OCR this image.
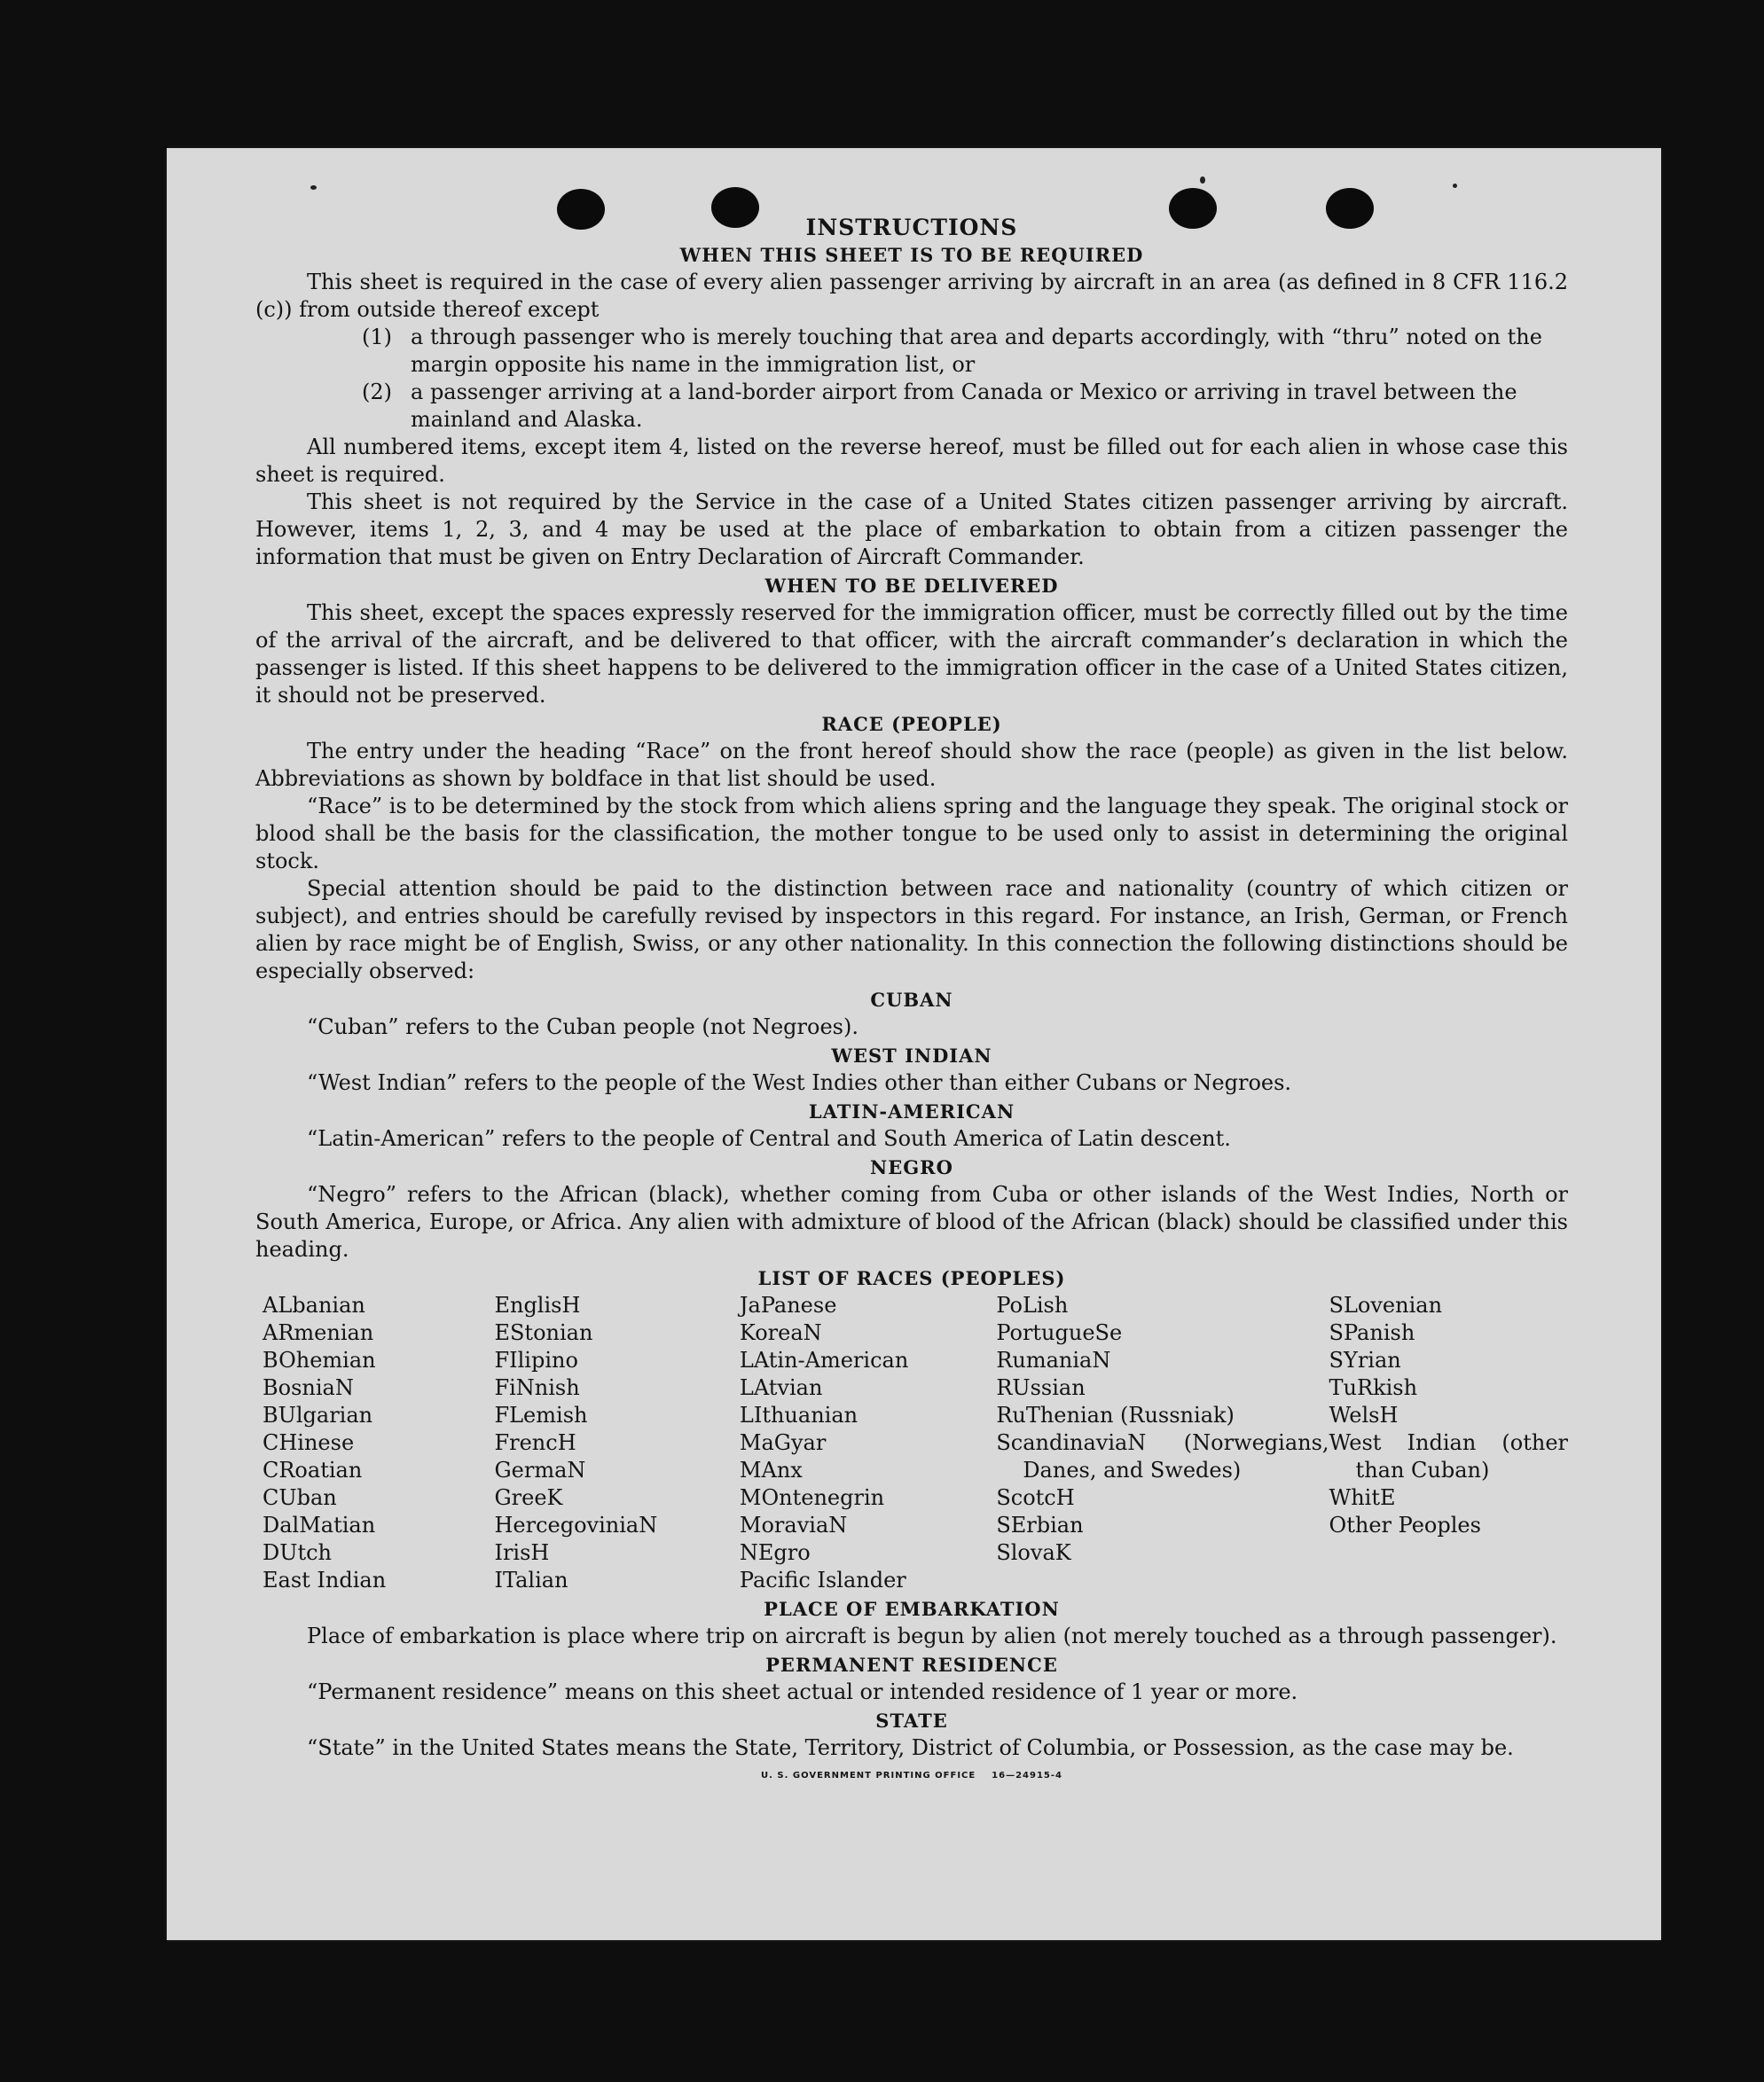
INSTRUCTIONS
WHEN THIS SHEET IS TO BE REQUIRED

This sheet is required in the case of every alien passenger arriving by aircraft in an area (as defined in 8 CFR 116.2 (c)) from outside thereof except

(1) a through passenger who is merely touching that area and departs accordingly, with “thru” noted on the margin opposite his name in the immigration list, or
(2) a passenger arriving at a land-border airport from Canada or Mexico or arriving in travel between the mainland and Alaska.

All numbered items, except item 4, listed on the reverse hereof, must be filled out for each alien in whose case this sheet is required.

This sheet is not required by the Service in the case of a United States citizen passenger arriving by aircraft. However, items 1, 2, 3, and 4 may be used at the place of embarkation to obtain from a citizen passenger the information that must be given on Entry Declaration of Aircraft Commander.

WHEN TO BE DELIVERED

This sheet, except the spaces expressly reserved for the immigration officer, must be correctly filled out by the time of the arrival of the aircraft, and be delivered to that officer, with the aircraft commander’s declaration in which the passenger is listed. If this sheet happens to be delivered to the immigration officer in the case of a United States citizen, it should not be preserved.

RACE (PEOPLE)

The entry under the heading “Race” on the front hereof should show the race (people) as given in the list below. Abbreviations as shown by boldface in that list should be used.

“Race” is to be determined by the stock from which aliens spring and the language they speak. The original stock or blood shall be the basis for the classification, the mother tongue to be used only to assist in determining the original stock.

Special attention should be paid to the distinction between race and nationality (country of which citizen or subject), and entries should be carefully revised by inspectors in this regard. For instance, an Irish, German, or French alien by race might be of English, Swiss, or any other nationality. In this connection the following distinctions should be especially observed:

CUBAN

“Cuban” refers to the Cuban people (not Negroes).

WEST INDIAN

“West Indian” refers to the people of the West Indies other than either Cubans or Negroes.

LATIN-AMERICAN

“Latin-American” refers to the people of Central and South America of Latin descent.

NEGRO

“Negro” refers to the African (black), whether coming from Cuba or other islands of the West Indies, North or South America, Europe, or Africa. Any alien with admixture of blood of the African (black) should be classified under this heading.

LIST OF RACES (PEOPLES)
ALbanian
ARmenian
BOhemian
BosniaN
BUlgarian
CHinese
CRoatian
CUban
DalMatian
DUtch
East Indian
EnglisH
EStonian
FIlipino
FiNnish
FLemish
FrencH
GermaN
GreeK
HercegoviniaN
IrisH
ITalian
JaPanese
KoreaN
LAtin-American
LAtvian
LIthuanian
MaGyar
MAnx
MOntenegrin
MoraviaN
NEgro
Pacific Islander
PoLish
PortugueSe
RumaniaN
RUssian
RuThenian (Russniak)
ScandinaviaN (Norwegians, Danes, and Swedes)
ScotcH
SErbian
SlovaK
SLovenian
SPanish
SYrian
TuRkish
WelsH
West Indian (other than Cuban)
WhitE
Other Peoples
PLACE OF EMBARKATION

Place of embarkation is place where trip on aircraft is begun by alien (not merely touched as a through passenger).

PERMANENT RESIDENCE

“Permanent residence” means on this sheet actual or intended residence of 1 year or more.

STATE

“State” in the United States means the State, Territory, District of Columbia, or Possession, as the case may be.

U. S. GOVERNMENT PRINTING OFFICE    16—24915-4
